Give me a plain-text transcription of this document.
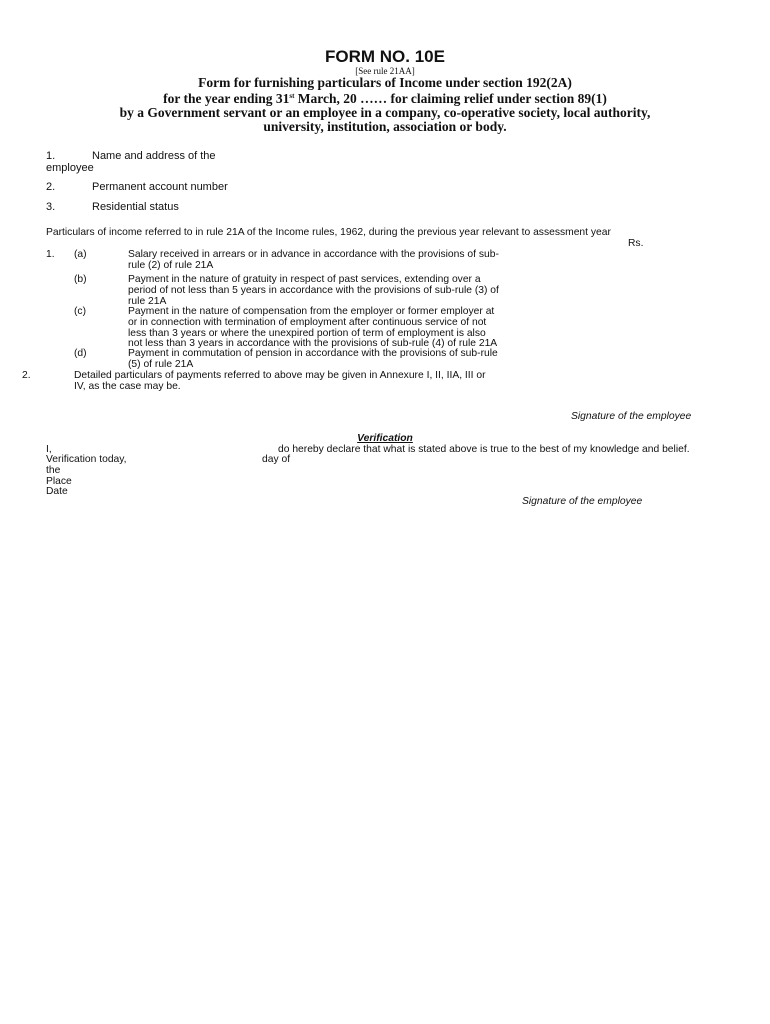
FORM NO. 10E
[See rule 21AA]
Form for furnishing particulars of Income under section 192(2A)
for the year ending 31st March, 20 …… for claiming relief under section 89(1)
by a Government servant or an employee in a company, co-operative society, local authority,
university, institution, association or body.
1.	Name and address of the
employee
2.	Permanent account number
3.	Residential status
Particulars of income referred to in rule 21A of the Income rules, 1962, during the previous year relevant to assessment year
Rs.
1. (a)	Salary received in arrears or in advance in accordance with the provisions of sub-
rule (2) of rule 21A
(b)	Payment in the nature of gratuity in respect of past services, extending over a
period of not less than 5 years in accordance with the provisions of sub-rule (3) of
rule 21A
(c)	Payment in the nature of compensation from the employer or former employer at
or in connection with termination of employment after continuous service of not
less than 3 years or where the unexpired portion of term of employment is also
not less than 3 years in accordance with the provisions of sub-rule (4) of rule 21A
(d)	Payment in commutation of pension in accordance with the provisions of sub-rule
(5) of rule 21A
2.	Detailed particulars of payments referred to above may be given in Annexure I, II, IIA, III or
IV, as the case may be.
Signature of the employee
Verification
I,	do hereby declare that what is stated above is true to the best of my knowledge and belief.
Verification today,	day of
the
Place
Date
Signature of the employee
